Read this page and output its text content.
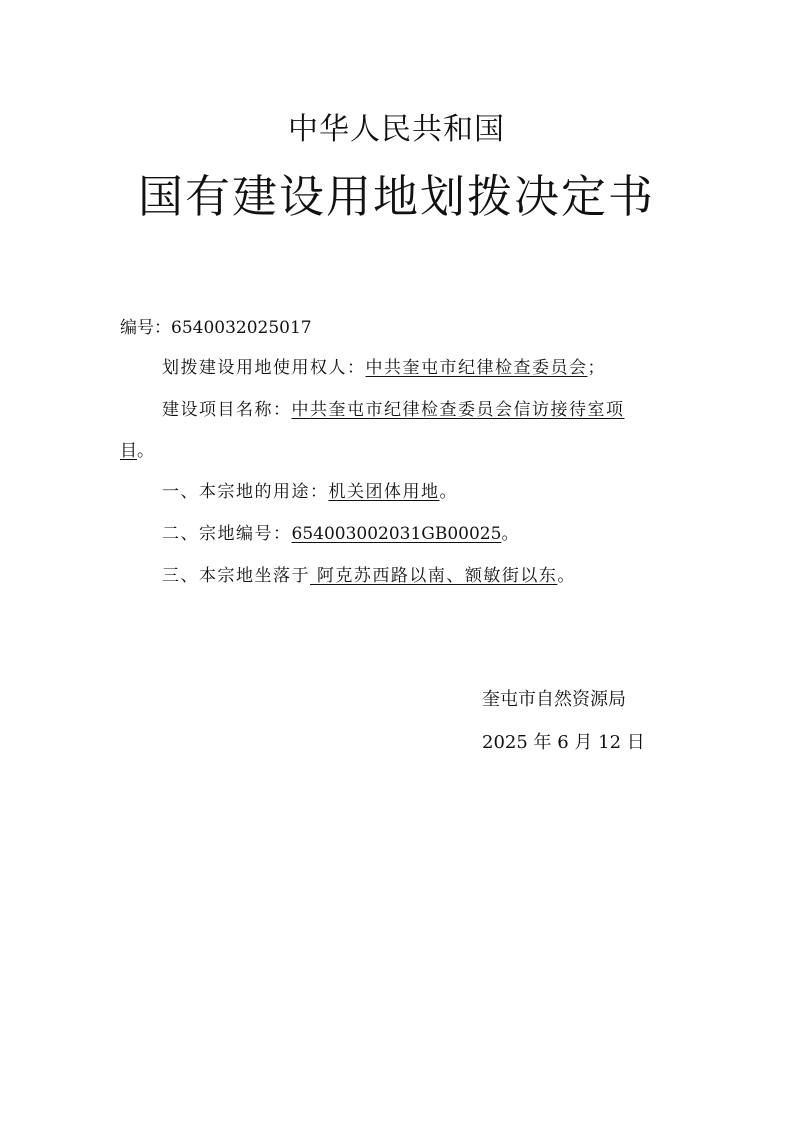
中华人民共和国
国有建设用地划拨决定书
编号：6540032025017
划拨建设用地使用权人：中共奎屯市纪律检查委员会；
建设项目名称：中共奎屯市纪律检查委员会信访接待室项
目。
一、本宗地的用途：机关团体用地。
二、宗地编号：654003002031GB00025。
三、本宗地坐落于 阿克苏西路以南、额敏街以东。
奎屯市自然资源局
2025 年 6 月 12 日
